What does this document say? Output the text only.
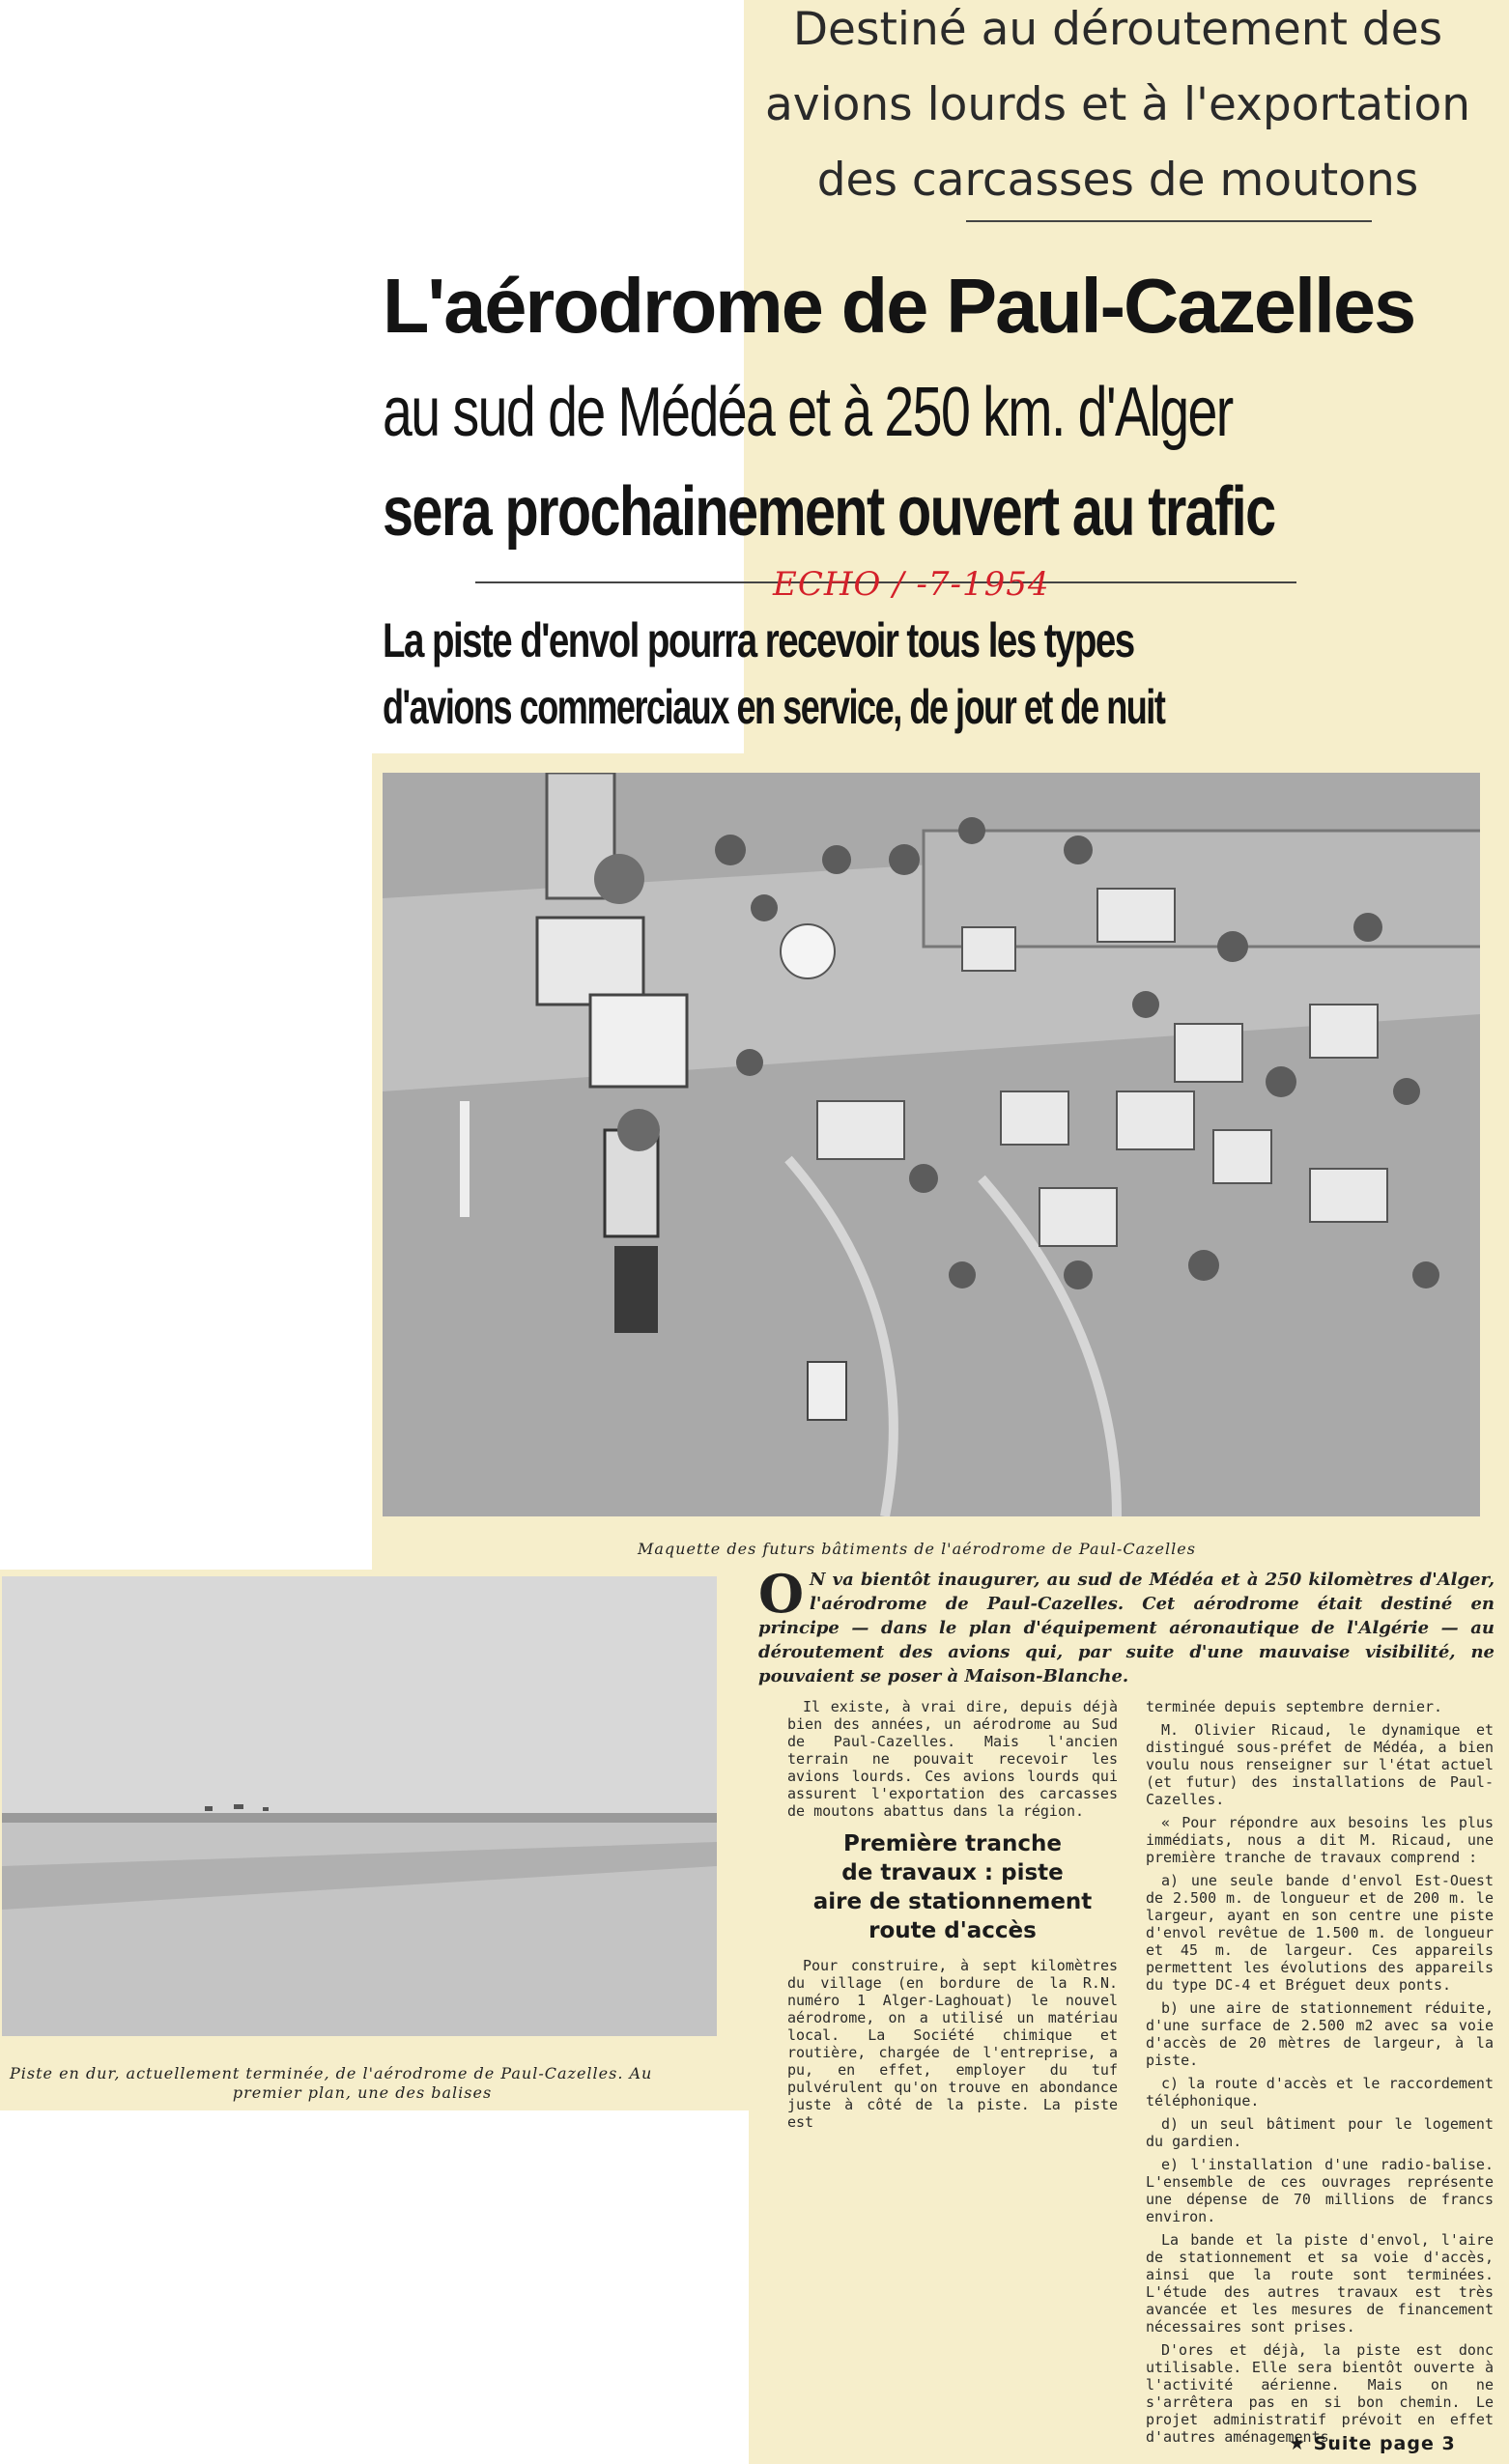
Destiné au déroutement des
avions lourds et à l'exportation
des carcasses de moutons
L'aérodrome de Paul-Cazelles
au sud de Médéa et à 250 km. d'Alger
sera prochainement ouvert au trafic
ECHO / -7-1954
La piste d'envol pourra recevoir tous les types
d'avions commerciaux en service, de jour et de nuit
Maquette des futurs bâtiments de l'aérodrome de Paul-Cazelles
Piste en dur, actuellement terminée, de l'aérodrome de Paul-Cazelles. Au
premier plan, une des balises
O N va bientôt inaugurer, au sud de Médéa et à 250 kilomètres d'Alger, l'aérodrome de Paul-Cazelles. Cet aérodrome était destiné en principe — dans le plan d'équipement aéronautique de l'Algérie — au déroutement des avions qui, par suite d'une mauvaise visibilité, ne pouvaient se poser à Maison-Blanche.

Il existe, à vrai dire, depuis déjà bien des années, un aérodrome au Sud de Paul-Cazelles. Mais l'ancien terrain ne pouvait recevoir les avions lourds. Ces avions lourds qui assurent l'exportation des carcasses de moutons abattus dans la région.

Première tranche
de travaux : piste
aire de stationnement
route d'accès

Pour construire, à sept kilomètres du village (en bordure de la R.N. numéro 1 Alger-Laghouat) le nouvel aérodrome, on a utilisé un matériau local. La Société chimique et routière, chargée de l'entreprise, a pu, en effet, employer du tuf pulvérulent qu'on trouve en abondance juste à côté de la piste. La piste est

terminée depuis septembre dernier.

M. Olivier Ricaud, le dynamique et distingué sous-préfet de Médéa, a bien voulu nous renseigner sur l'état actuel (et futur) des installations de Paul-Cazelles.

« Pour répondre aux besoins les plus immédiats, nous a dit M. Ricaud, une première tranche de travaux comprend :

a) une seule bande d'envol Est-Ouest de 2.500 m. de longueur et de 200 m. le largeur, ayant en son centre une piste d'envol revêtue de 1.500 m. de longueur et 45 m. de largeur. Ces appareils permettent les évolutions des appareils du type DC-4 et Bréguet deux ponts.

b) une aire de stationnement réduite, d'une surface de 2.500 m2 avec sa voie d'accès de 20 mètres de largeur, à la piste.

c) la route d'accès et le raccordement téléphonique.

d) un seul bâtiment pour le logement du gardien.

e) l'installation d'une radio-balise. L'ensemble de ces ouvrages représente une dépense de 70 millions de francs environ.

La bande et la piste d'envol, l'aire de stationnement et sa voie d'accès, ainsi que la route sont terminées. L'étude des autres travaux est très avancée et les mesures de financement nécessaires sont prises.

D'ores et déjà, la piste est donc utilisable. Elle sera bientôt ouverte à l'activité aérienne. Mais on ne s'arrêtera pas en si bon chemin. Le projet administratif prévoit en effet d'autres aménagements.

★ Suite page 3
